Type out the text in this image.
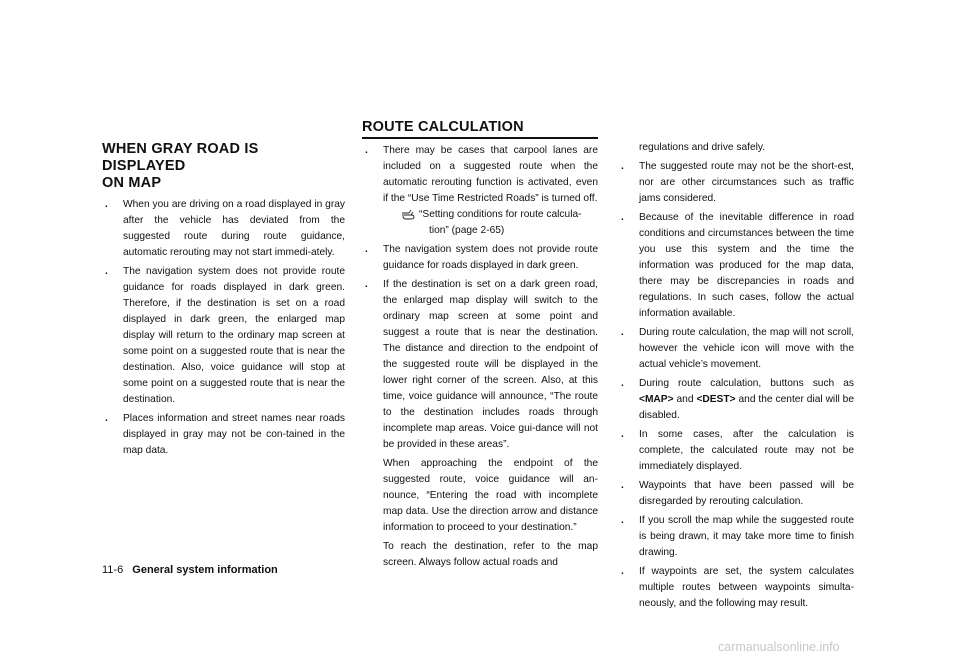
WHEN GRAY ROAD IS DISPLAYED
ON MAP
. When you are driving on a road displayed in gray after the vehicle has deviated from the suggested route during route guidance, automatic rerouting may not start immedi-ately.
. The navigation system does not provide route guidance for roads displayed in dark green. Therefore, if the destination is set on a road displayed in dark green, the enlarged map display will return to the ordinary map screen at some point on a suggested route that is near the destination. Also, voice guidance will stop at some point on a suggested route that is near the destination.
. Places information and street names near roads displayed in gray may not be con-tained in the map data.
ROUTE CALCULATION
. There may be cases that carpool lanes are included on a suggested route when the automatic rerouting function is activated, even if the “Use Time Restricted Roads” is turned off.
“Setting conditions for route calcula-
tion” (page 2-65)
. The navigation system does not provide route guidance for roads displayed in dark green.
. If the destination is set on a dark green road, the enlarged map display will switch to the ordinary map screen at some point and suggest a route that is near the destination. The distance and direction to the endpoint of the suggested route will be displayed in the lower right corner of the screen. Also, at this time, voice guidance will announce, “The route to the destination includes roads through incomplete map areas. Voice gui-dance will not be provided in these areas”.

When approaching the endpoint of the suggested route, voice guidance will an-nounce, “Entering the road with incomplete map data. Use the direction arrow and distance information to proceed to your destination.”

To reach the destination, refer to the map screen. Always follow actual roads and

regulations and drive safely.

. The suggested route may not be the short-est, nor are other circumstances such as traffic jams considered.
. Because of the inevitable difference in road conditions and circumstances between the time you use this system and the time the information was produced for the map data, there may be discrepancies in roads and regulations. In such cases, follow the actual information available.
. During route calculation, the map will not scroll, however the vehicle icon will move with the actual vehicle’s movement.
. During route calculation, buttons such as <MAP> and <DEST> and the center dial will be disabled.
. In some cases, after the calculation is complete, the calculated route may not be immediately displayed.
. Waypoints that have been passed will be disregarded by rerouting calculation.
. If you scroll the map while the suggested route is being drawn, it may take more time to finish drawing.
. If waypoints are set, the system calculates multiple routes between waypoints simulta-neously, and the following may result.
11-6 General system information
carmanualsonline.info
